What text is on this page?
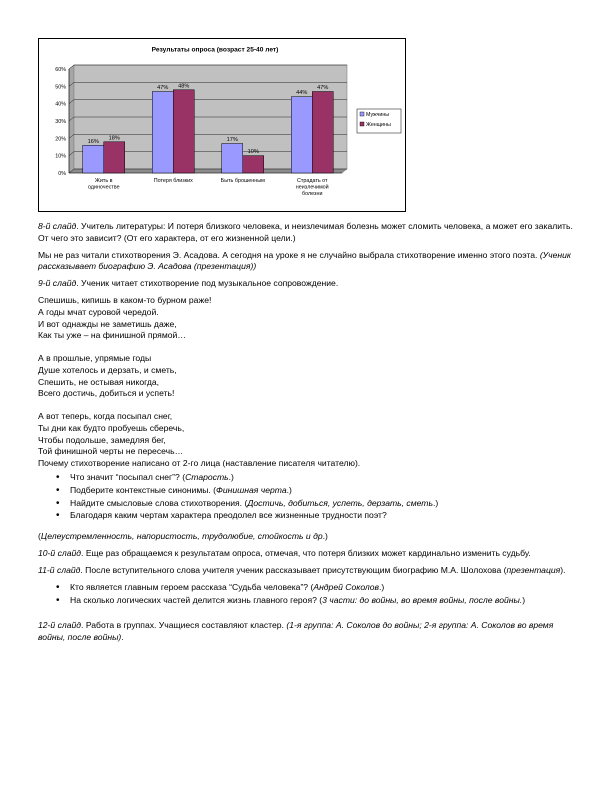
Результаты опроса (возраст 25-40 лет)
0%
10%
20%
30%
40%
50%
60%
16%
47%
17%
44%
18%
48%
10%
47%
Жить в
одиночестве
Потеря близких	Быть брошенным	Страдать от
неизлечимой
болезни
Мужчины
Женщины

8-й слайд. Учитель литературы: И потеря близкого человека, и неизлечимая болезнь может сломить человека, а может его закалить. От чего это зависит? (От его характера, от его жизненной цели.)

Мы не раз читали стихотворения Э. Асадова. А сегодня на уроке я не случайно выбрала стихотворение именно этого поэта. (Ученик рассказывает биографию Э. Асадова (презентация))

9-й слайд. Ученик читает стихотворение под музыкальное сопровождение.

Спешишь, кипишь в каком-то бурном раже!
А годы мчат суровой чередой.
И вот однажды не заметишь даже,
Как ты уже – на финишной прямой…
А в прошлые, упрямые годы
Душе хотелось и дерзать, и сметь,
Спешить, не остывая никогда,
Всего достичь, добиться и успеть!
А вот теперь, когда посыпал снег,
Ты дни как будто пробуешь сберечь,
Чтобы подольше, замедляя бег,
Той финишной черты не пересечь…
Почему стихотворение написано от 2-го лица (наставление писателя читателю).
• Что значит “посыпал снег”? (Старость.)
• Подберите контекстные синонимы. (Финишная черта.)
• Найдите смысловые слова стихотворения. (Достичь, добиться, успеть, дерзать, сметь.)
• Благодаря каким чертам характера преодолел все жизненные трудности поэт?

(Целеустремленность, напористость, трудолюбие, стойкость и др.)

10-й слайд. Еще раз обращаемся к результатам опроса, отмечая, что потеря близких может кардинально изменить судьбу.

11-й слайд. После вступительного слова учителя ученик рассказывает присутствующим биографию М.А. Шолохова (презентация).

• Кто является главным героем рассказа “Судьба человека”? (Андрей Соколов.)
• На сколько логических частей делится жизнь главного героя? (3 части: до войны, во время войны, после войны.)

12-й слайд. Работа в группах. Учащиеся составляют кластер. (1-я группа: А. Соколов до войны; 2-я группа: А. Соколов во время войны, после войны).
